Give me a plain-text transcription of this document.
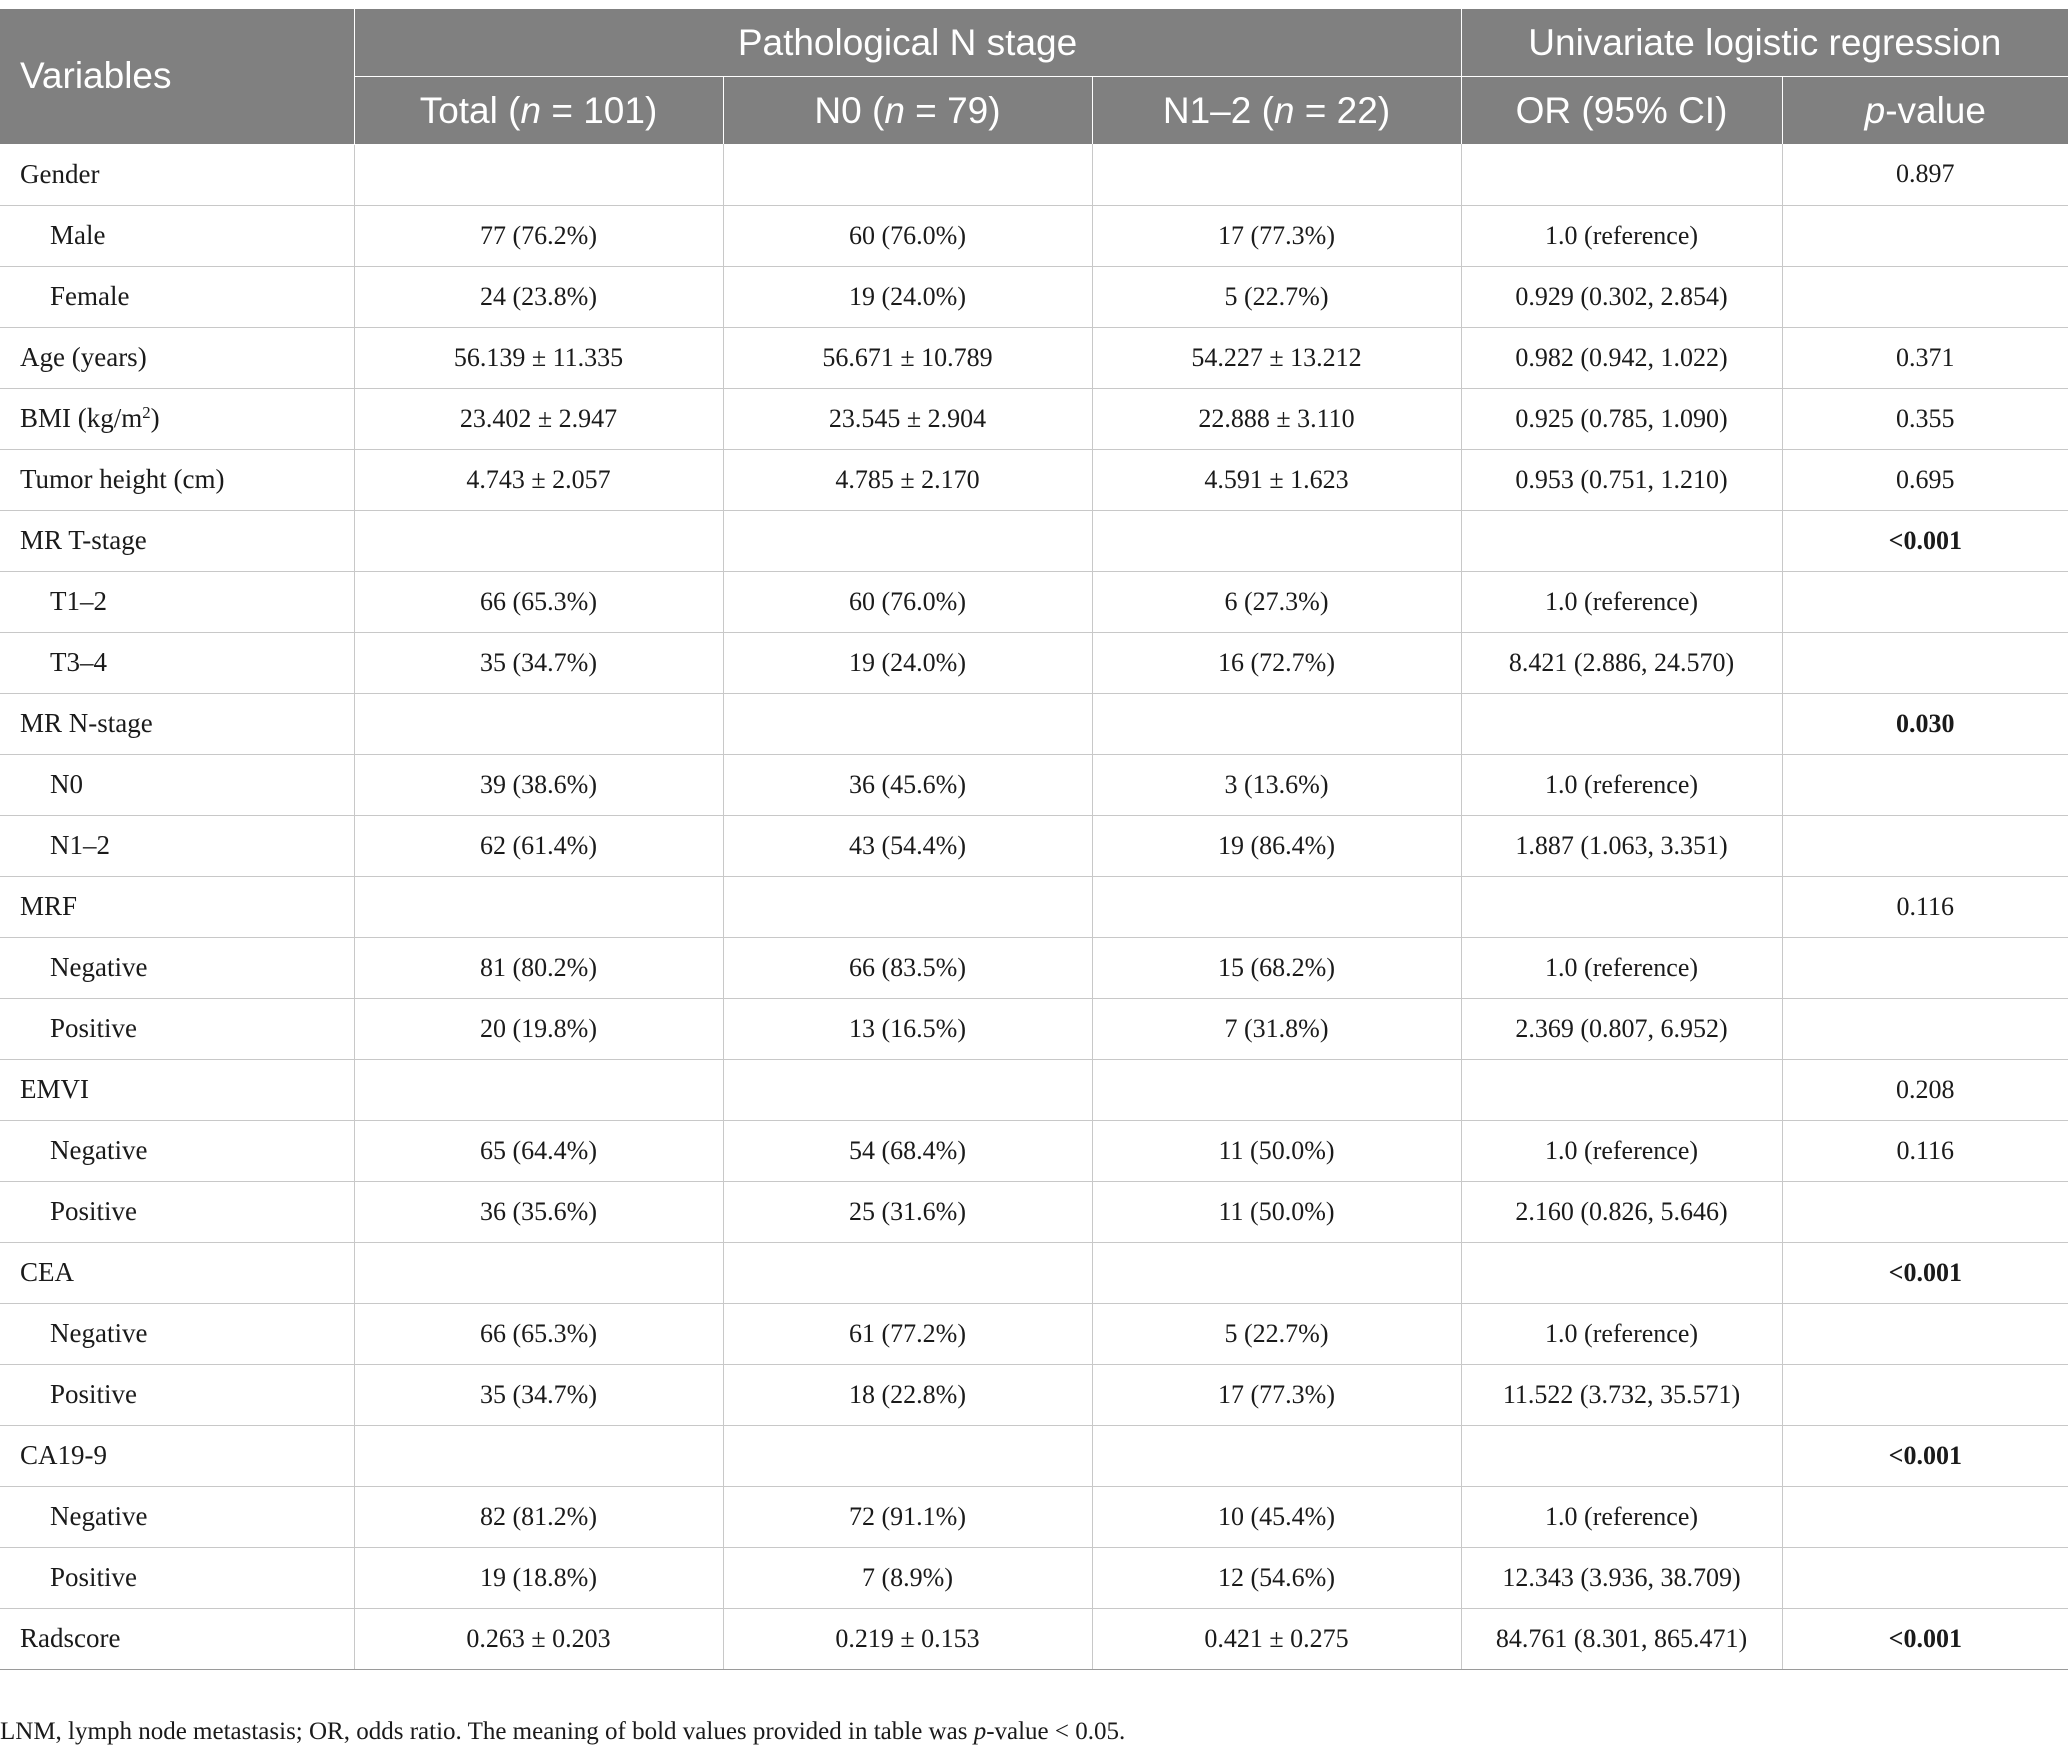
Variables	Pathological N stage			Univariate logistic regression	
	Total (n = 101)	N0 (n = 79)	N1–2 (n = 22)	OR (95% CI)	p-value
Gender					0.897
Male	77 (76.2%)	60 (76.0%)	17 (77.3%)	1.0 (reference)	
Female	24 (23.8%)	19 (24.0%)	5 (22.7%)	0.929 (0.302, 2.854)	
Age (years)	56.139 ± 11.335	56.671 ± 10.789	54.227 ± 13.212	0.982 (0.942, 1.022)	0.371
BMI $(kg/m^2)$	23.402 ± 2.947	23.545 ± 2.904	22.888 ± 3.110	0.925 (0.785, 1.090)	0.355
Tumor height (cm)	4.743 ± 2.057	4.785 ± 2.170	4.591 ± 1.623	0.953 (0.751, 1.210)	0.695
MR T-stage					<0.001
T1–2	66 (65.3%)	60 (76.0%)	6 (27.3%)	1.0 (reference)	
T3–4	35 (34.7%)	19 (24.0%)	16 (72.7%)	8.421 (2.886, 24.570)	
MR N-stage					0.030
N0	39 (38.6%)	36 (45.6%)	3 (13.6%)	1.0 (reference)	
N1–2	62 (61.4%)	43 (54.4%)	19 (86.4%)	1.887 (1.063, 3.351)	
MRF					0.116
Negative	81 (80.2%)	66 (83.5%)	15 (68.2%)	1.0 (reference)	
Positive	20 (19.8%)	13 (16.5%)	7 (31.8%)	2.369 (0.807, 6.952)	
EMVI					0.208
Negative	65 (64.4%)	54 (68.4%)	11 (50.0%)	1.0 (reference)	0.116
Positive	36 (35.6%)	25 (31.6%)	11 (50.0%)	2.160 (0.826, 5.646)	
CEA					<0.001
Negative	66 (65.3%)	61 (77.2%)	5 (22.7%)	1.0 (reference)	
Positive	35 (34.7%)	18 (22.8%)	17 (77.3%)	11.522 (3.732, 35.571)	
CA19-9					<0.001
Negative	82 (81.2%)	72 (91.1%)	10 (45.4%)	1.0 (reference)	
Positive	19 (18.8%)	7 (8.9%)	12 (54.6%)	12.343 (3.936, 38.709)	
Radscore	0.263 ± 0.203	0.219 ± 0.153	0.421 ± 0.275	84.761 (8.301, 865.471)	<0.001
LNM, lymph node metastasis; OR, odds ratio. The meaning of bold values provided in table was p-value < 0.05.
